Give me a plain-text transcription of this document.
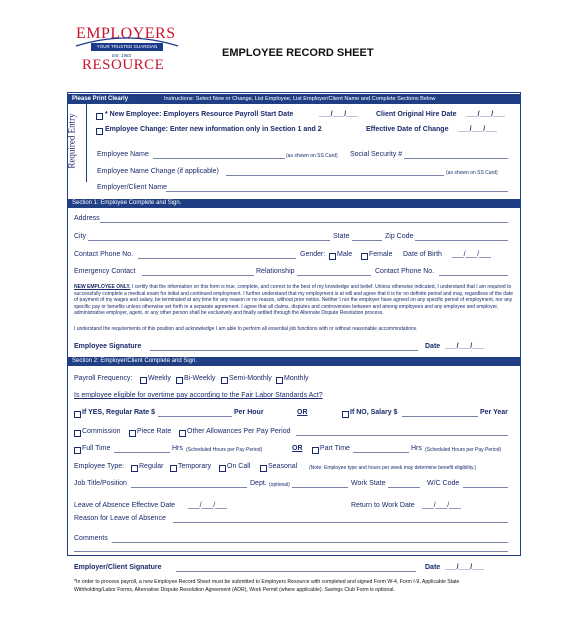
EMPLOYERS
YOUR TRUSTED GUARDIAN
Est. 1983
RESOURCE
EMPLOYEE RECORD SHEET
Please Print Clearly	Instructions: Select New or Change, List Employee, List Employer/Client Name and Complete Sections Below
Required Entry	* New Employee: Employers Resource Payroll Start Date	___/___/___	Client Original Hire Date ___/___/___
Employee Change: Enter new information only in Section 1 and 2	Effective Date of Change ___/___/___
Employee Name	(as shown on SS Card) Social Security #
Employee Name Change (if applicable)	(as shown on SS Card)
Employer/Client Name
Section 1: Employee Complete and Sign.
Address
City	State	Zip Code
Contact Phone No.	Gender: Male Female Date of Birth ___/___/___
Emergency Contact	Relationship	Contact Phone No.
NEW EMPLOYEE ONLY. I certify that the information on this form is true, complete, and correct to the best of my knowledge and belief. Unless otherwise indicated, I understand that I am required to successfully complete a medical exam for initial and continued employment. I further understand that my employment is at will and agree that it is for no definite period and may, regardless of the date of payment of my wages and salary, be terminated at any time for any reason or no reason, without prior notice. Neither I nor the employer have agreed on any specific period of employment, nor any specific pay or benefits unless otherwise set forth in a separate agreement. I agree that all claims, disputes and controversies between and among employees and any employee and employer, administrative employer, agent, or any other person shall be exclusively and finally settled through the Alternate Dispute Resolution process.
I understand the requirements of this position and acknowledge I am able to perform all essential job functions with or without reasonable accommodations.
Employee Signature	Date ___/___/___
Section 2: Employer/Client Complete and Sign.
Payroll Frequency: Weekly Bi-Weekly Semi-Monthly Monthly
Is employee eligible for overtime pay according to the Fair Labor Standards Act?
If YES, Regular Rate $	Per Hour	OR	If NO, Salary $	Per Year
Commission Piece Rate Other Allowances Per Pay Period
Full Time	Hrs (Scheduled Hours per Pay Period)	OR	Part Time	Hrs (Scheduled Hours per Pay Period)
Employee Type: Regular Temporary On Call	Seasonal (Note: Employee type and hours per week may determine benefit eligibility.)
Job Title/Position	Dept. (optional)	Work State	W/C Code
Leave of Absence Effective Date ___/___/___	Return to Work Date ___/___/___
Reason for Leave of Absence
Comments
Employer/Client Signature	Date ___/___/___
*In order to process payroll, a new Employee Record Sheet must be submitted to Employers Resource with completed and signed Form W-4, Form I-9, Applicable State
Withholding/Labor Forms, Alternative Dispute Resolution Agreement (ADR), Work Permit (where applicable). Savings Club Form is optional.
